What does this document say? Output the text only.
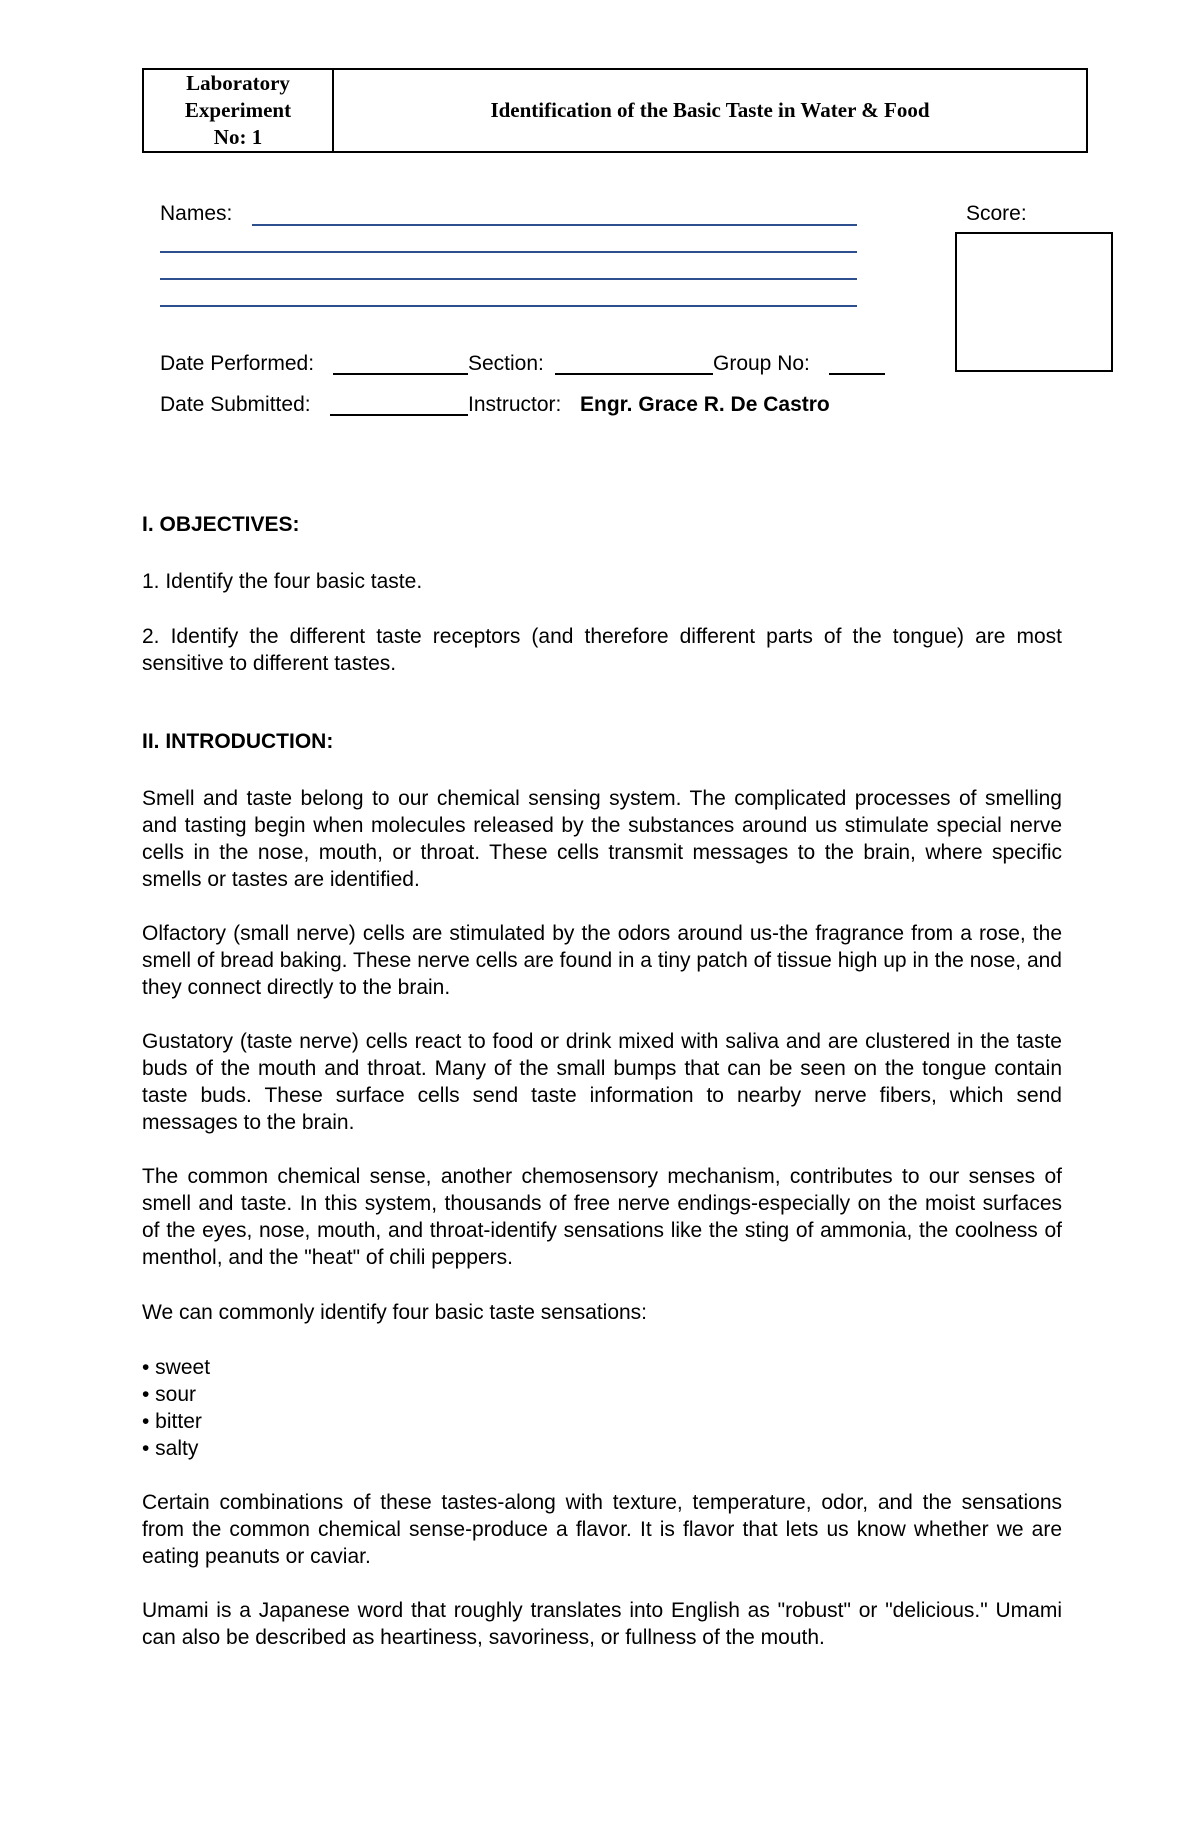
Laboratory
Experiment
No: 1
Identification of the Basic Taste in Water & Food
Names:	Score:
Date Performed:	Section:	Group No:
Date Submitted:	Instructor: Engr. Grace R. De Castro
I. OBJECTIVES:

1. Identify the four basic taste.

2. Identify the different taste receptors (and therefore different parts of the tongue) are most sensitive to different tastes.

II. INTRODUCTION:

Smell and taste belong to our chemical sensing system. The complicated processes of smelling and tasting begin when molecules released by the substances around us stimulate special nerve cells in the nose, mouth, or throat. These cells transmit messages to the brain, where specific smells or tastes are identified.

Olfactory (small nerve) cells are stimulated by the odors around us-the fragrance from a rose, the smell of bread baking. These nerve cells are found in a tiny patch of tissue high up in the nose, and they connect directly to the brain.

Gustatory (taste nerve) cells react to food or drink mixed with saliva and are clustered in the taste buds of the mouth and throat. Many of the small bumps that can be seen on the tongue contain taste buds. These surface cells send taste information to nearby nerve fibers, which send messages to the brain.

The common chemical sense, another chemosensory mechanism, contributes to our senses of smell and taste. In this system, thousands of free nerve endings-especially on the moist surfaces of the eyes, nose, mouth, and throat-identify sensations like the sting of ammonia, the coolness of menthol, and the "heat" of chili peppers.

We can commonly identify four basic taste sensations:

• sweet
• sour
• bitter
• salty

Certain combinations of these tastes-along with texture, temperature, odor, and the sensations from the common chemical sense-produce a flavor. It is flavor that lets us know whether we are eating peanuts or caviar.

Umami is a Japanese word that roughly translates into English as "robust" or "delicious." Umami can also be described as heartiness, savoriness, or fullness of the mouth.
